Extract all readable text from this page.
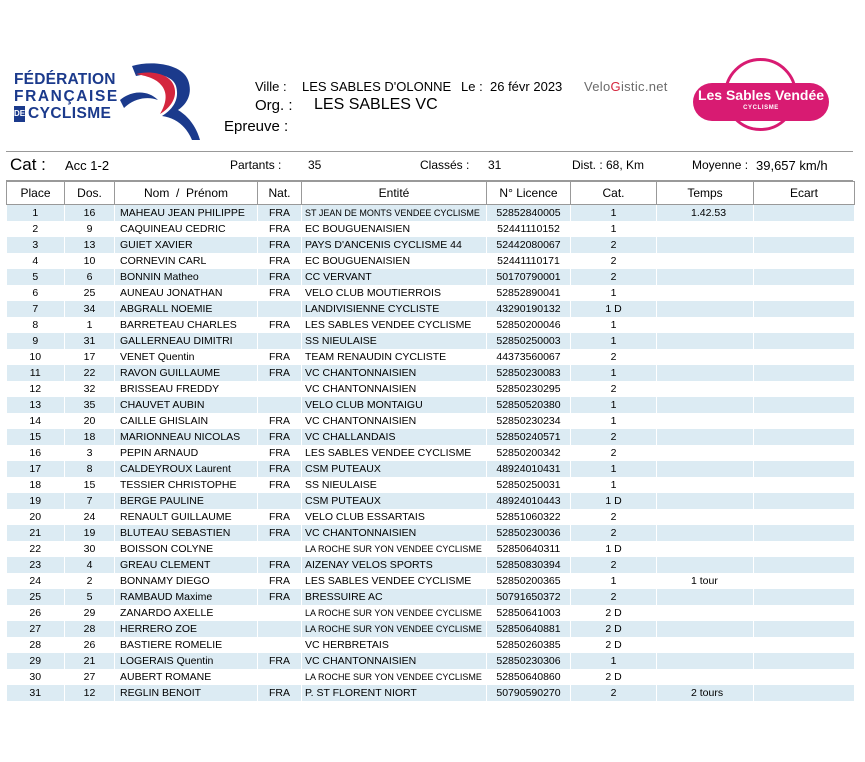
FÉDÉRATION
FRANÇAISE
DE CYCLISME
Ville : LES SABLES D'OLONNE Le : 26 févr 2023 VeloGistic.net
Org. : LES SABLES VC
Epreuve :
Les Sables Vendée
CYCLISME
Cat : Acc 1-2	Partants : 35	Classés : 31	Dist. : 68, Km	Moyenne : 39,657 km/h
Place	Dos.	Nom  /  Prénom	Nat.	Entité	N° Licence	Cat.	Temps	Ecart
1	16	MAHEAU JEAN PHILIPPE	FRA	ST JEAN DE MONTS VENDEE CYCLISME	52852840005	1	1.42.53	
2	9	CAQUINEAU CEDRIC	FRA	EC BOUGUENAISIEN	52441110152	1		
3	13	GUIET XAVIER	FRA	PAYS D'ANCENIS CYCLISME 44	52442080067	2		
4	10	CORNEVIN CARL	FRA	EC BOUGUENAISIEN	52441110171	2		
5	6	BONNIN Matheo	FRA	CC VERVANT	50170790001	2		
6	25	AUNEAU JONATHAN	FRA	VELO CLUB MOUTIERROIS	52852890041	1		
7	34	ABGRALL NOEMIE		LANDIVISIENNE CYCLISTE	43290190132	1 D		
8	1	BARRETEAU CHARLES	FRA	LES SABLES VENDEE CYCLISME	52850200046	1		
9	31	GALLERNEAU DIMITRI		SS NIEULAISE	52850250003	1		
10	17	VENET Quentin	FRA	TEAM RENAUDIN CYCLISTE	44373560067	2		
11	22	RAVON GUILLAUME	FRA	VC CHANTONNAISIEN	52850230083	1		
12	32	BRISSEAU FREDDY		VC CHANTONNAISIEN	52850230295	2		
13	35	CHAUVET AUBIN		VELO CLUB MONTAIGU	52850520380	1		
14	20	CAILLE GHISLAIN	FRA	VC CHANTONNAISIEN	52850230234	1		
15	18	MARIONNEAU NICOLAS	FRA	VC CHALLANDAIS	52850240571	2		
16	3	PEPIN ARNAUD	FRA	LES SABLES VENDEE CYCLISME	52850200342	2		
17	8	CALDEYROUX Laurent	FRA	CSM PUTEAUX	48924010431	1		
18	15	TESSIER CHRISTOPHE	FRA	SS NIEULAISE	52850250031	1		
19	7	BERGE PAULINE		CSM PUTEAUX	48924010443	1 D		
20	24	RENAULT GUILLAUME	FRA	VELO CLUB ESSARTAIS	52851060322	2		
21	19	BLUTEAU SEBASTIEN	FRA	VC CHANTONNAISIEN	52850230036	2		
22	30	BOISSON COLYNE		LA ROCHE SUR YON VENDEE CYCLISME	52850640311	1 D		
23	4	GREAU CLEMENT	FRA	AIZENAY VELOS SPORTS	52850830394	2		
24	2	BONNAMY DIEGO	FRA	LES SABLES VENDEE CYCLISME	52850200365	1	1 tour	
25	5	RAMBAUD Maxime	FRA	BRESSUIRE AC	50791650372	2		
26	29	ZANARDO AXELLE		LA ROCHE SUR YON VENDEE CYCLISME	52850641003	2 D		
27	28	HERRERO ZOE		LA ROCHE SUR YON VENDEE CYCLISME	52850640881	2 D		
28	26	BASTIERE ROMELIE		VC HERBRETAIS	52850260385	2 D		
29	21	LOGERAIS Quentin	FRA	VC CHANTONNAISIEN	52850230306	1		
30	27	AUBERT ROMANE		LA ROCHE SUR YON VENDEE CYCLISME	52850640860	2 D		
31	12	REGLIN BENOIT	FRA	P. ST FLORENT NIORT	50790590270	2	2 tours	
